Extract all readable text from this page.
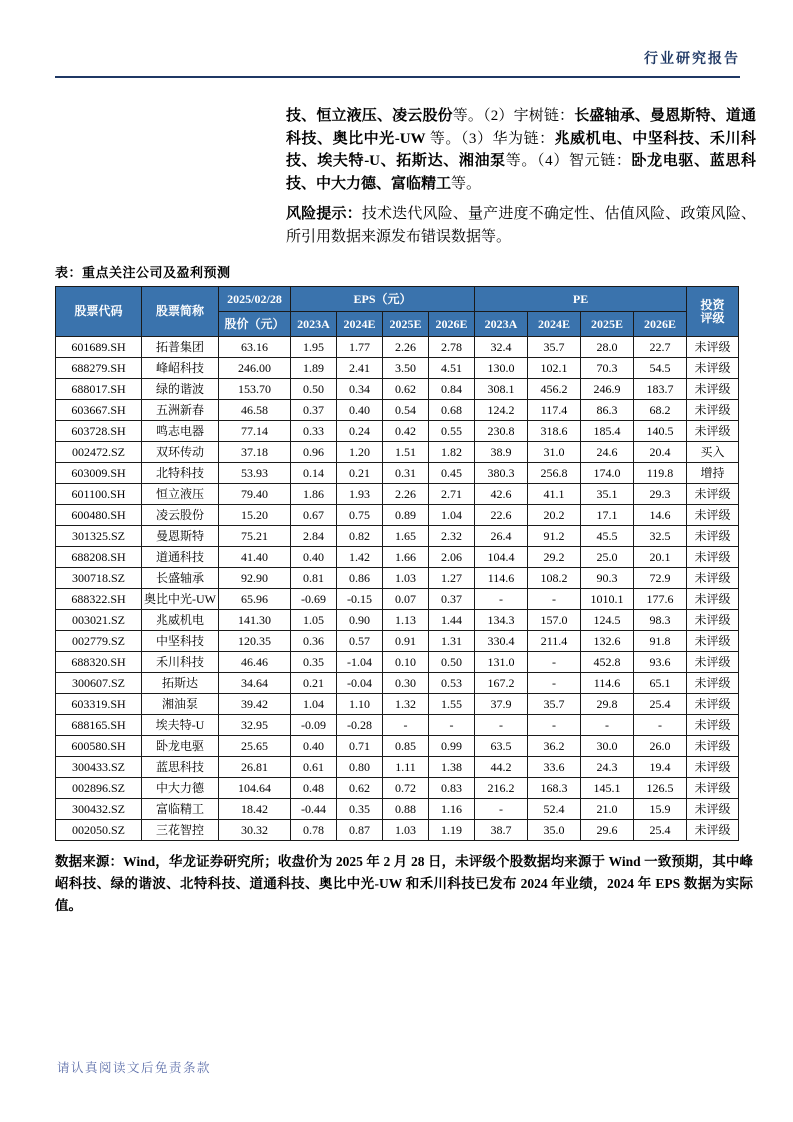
行业研究报告

技、恒立液压、凌云股份等。（2）宇树链：长盛轴承、曼恩斯特、道通科技、奥比中光-UW 等。（3）华为链：兆威机电、中坚科技、禾川科技、埃夫特-U、拓斯达、湘油泵等。（4）智元链：卧龙电驱、蓝思科技、中大力德、富临精工等。

风险提示：技术迭代风险、量产进度不确定性、估值风险、政策风险、所引用数据来源发布错误数据等。

表：重点关注公司及盈利预测
股票代码	股票简称	2025/02/28	EPS（元）				PE				投资
评级
		股价（元）	2023A	2024E	2025E	2026E	2023A	2024E	2025E	2026E	
601689.SH	拓普集团	63.16	1.95	1.77	2.26	2.78	32.4	35.7	28.0	22.7	未评级
688279.SH	峰岹科技	246.00	1.89	2.41	3.50	4.51	130.0	102.1	70.3	54.5	未评级
688017.SH	绿的谐波	153.70	0.50	0.34	0.62	0.84	308.1	456.2	246.9	183.7	未评级
603667.SH	五洲新春	46.58	0.37	0.40	0.54	0.68	124.2	117.4	86.3	68.2	未评级
603728.SH	鸣志电器	77.14	0.33	0.24	0.42	0.55	230.8	318.6	185.4	140.5	未评级
002472.SZ	双环传动	37.18	0.96	1.20	1.51	1.82	38.9	31.0	24.6	20.4	买入
603009.SH	北特科技	53.93	0.14	0.21	0.31	0.45	380.3	256.8	174.0	119.8	增持
601100.SH	恒立液压	79.40	1.86	1.93	2.26	2.71	42.6	41.1	35.1	29.3	未评级
600480.SH	凌云股份	15.20	0.67	0.75	0.89	1.04	22.6	20.2	17.1	14.6	未评级
301325.SZ	曼恩斯特	75.21	2.84	0.82	1.65	2.32	26.4	91.2	45.5	32.5	未评级
688208.SH	道通科技	41.40	0.40	1.42	1.66	2.06	104.4	29.2	25.0	20.1	未评级
300718.SZ	长盛轴承	92.90	0.81	0.86	1.03	1.27	114.6	108.2	90.3	72.9	未评级
688322.SH	奥比中光-UW	65.96	-0.69	-0.15	0.07	0.37	-	-	1010.1	177.6	未评级
003021.SZ	兆威机电	141.30	1.05	0.90	1.13	1.44	134.3	157.0	124.5	98.3	未评级
002779.SZ	中坚科技	120.35	0.36	0.57	0.91	1.31	330.4	211.4	132.6	91.8	未评级
688320.SH	禾川科技	46.46	0.35	-1.04	0.10	0.50	131.0	-	452.8	93.6	未评级
300607.SZ	拓斯达	34.64	0.21	-0.04	0.30	0.53	167.2	-	114.6	65.1	未评级
603319.SH	湘油泵	39.42	1.04	1.10	1.32	1.55	37.9	35.7	29.8	25.4	未评级
688165.SH	埃夫特-U	32.95	-0.09	-0.28	-	-	-	-	-	-	未评级
600580.SH	卧龙电驱	25.65	0.40	0.71	0.85	0.99	63.5	36.2	30.0	26.0	未评级
300433.SZ	蓝思科技	26.81	0.61	0.80	1.11	1.38	44.2	33.6	24.3	19.4	未评级
002896.SZ	中大力德	104.64	0.48	0.62	0.72	0.83	216.2	168.3	145.1	126.5	未评级
300432.SZ	富临精工	18.42	-0.44	0.35	0.88	1.16	-	52.4	21.0	15.9	未评级
002050.SZ	三花智控	30.32	0.78	0.87	1.03	1.19	38.7	35.0	29.6	25.4	未评级

数据来源：Wind，华龙证券研究所；收盘价为 2025 年 2 月 28 日，未评级个股数据均来源于 Wind 一致预期，其中峰岹科技、绿的谐波、北特科技、道通科技、奥比中光-UW 和禾川科技已发布 2024 年业绩，2024 年 EPS 数据为实际值。

请认真阅读文后免责条款
